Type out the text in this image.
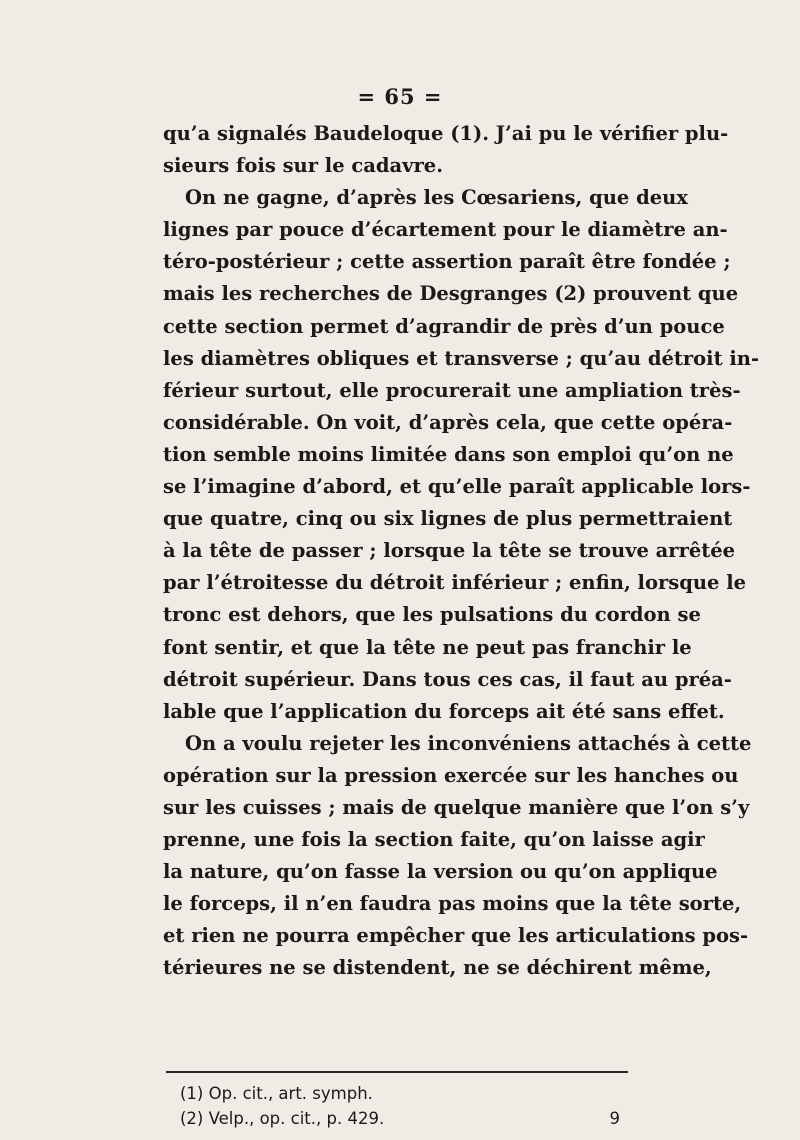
= 65 =
qu’a signalés Baudeloque (1). J’ai pu le vérifier plu-
sieurs fois sur le cadavre.
On ne gagne, d’après les Cœsariens, que deux
lignes par pouce d’écartement pour le diamètre an-
téro-postérieur ; cette assertion paraît être fondée ;
mais les recherches de Desgranges (2) prouvent que
cette section permet d’agrandir de près d’un pouce
les diamètres obliques et transverse ; qu’au détroit in-
férieur surtout, elle procurerait une ampliation très-
considérable. On voit, d’après cela, que cette opéra-
tion semble moins limitée dans son emploi qu’on ne
se l’imagine d’abord, et qu’elle paraît applicable lors-
que quatre, cinq ou six lignes de plus permettraient
à la tête de passer ; lorsque la tête se trouve arrêtée
par l’étroitesse du détroit inférieur ; enfin, lorsque le
tronc est dehors, que les pulsations du cordon se
font sentir, et que la tête ne peut pas franchir le
détroit supérieur. Dans tous ces cas, il faut au préa-
lable que l’application du forceps ait été sans effet.
On a voulu rejeter les inconvéniens attachés à cette
opération sur la pression exercée sur les hanches ou
sur les cuisses ; mais de quelque manière que l’on s’y
prenne, une fois la section faite, qu’on laisse agir
la nature, qu’on fasse la version ou qu’on applique
le forceps, il n’en faudra pas moins que la tête sorte,
et rien ne pourra empêcher que les articulations pos-
térieures ne se distendent, ne se déchirent même,
(1) Op. cit., art. symph.
(2) Velp., op. cit., p. 429.	9
